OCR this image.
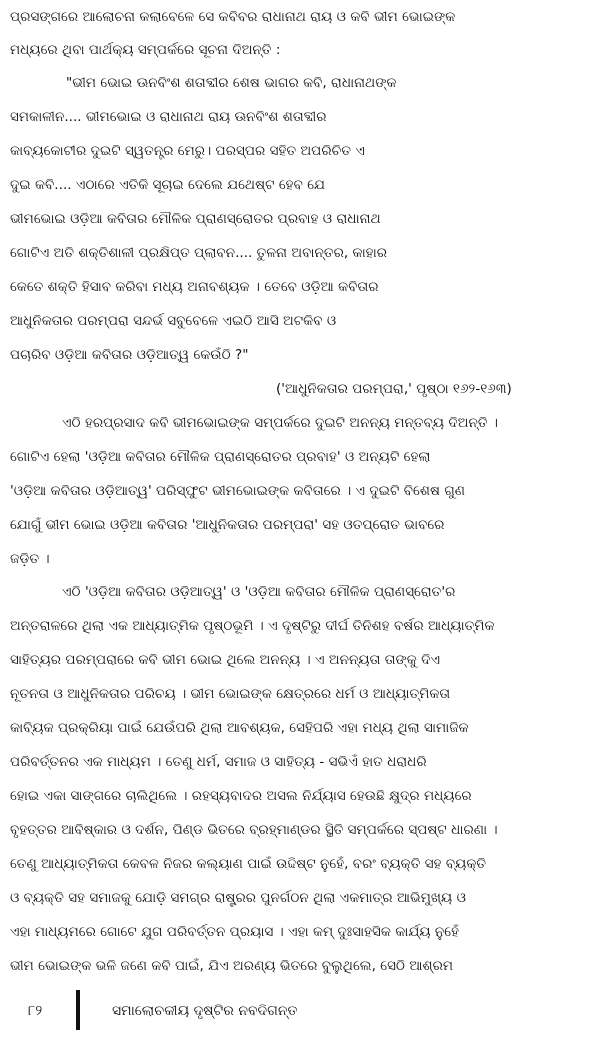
ପ୍ରସଙ୍ଗରେ ଆଲୋଚନା କଲାବେଳେ ସେ କବିବର ରାଧାନାଥ ରାୟ ଓ କବି ଭୀମ ଭୋଇଙ୍କ
ମଧ୍ୟରେ ଥିବା ପାର୍ଥକ୍ୟ ସମ୍ପର୍କରେ ସୂଚନା ଦିଅନ୍ତି :
"ଭୀମ ଭୋଇ ଊନବିଂଶ ଶତାବ୍ଦୀର ଶେଷ ଭାଗର କବି, ରାଧାନାଥଙ୍କ
ସମକାଳୀନ.... ଭୀମଭୋଇ ଓ ରାଧାନାଥ ରାୟ ଊନବିଂଶ ଶତାବ୍ଦୀର
କାବ୍ୟକୋଟୀର ଦୁଇଟି ସ୍ୱତନ୍ତ୍ର ମେରୁ। ପରସ୍ପର ସହିତ ଅପରିଚିତ ଏ
ଦୁଇ କବି.... ଏଠାରେ ଏତିକି ସୂଚାଇ ଦେଲେ ଯଥେଷ୍ଟ ହେବ ଯେ
ଭୀମଭୋଇ ଓଡ଼ିଆ କବିତାର ମୌଳିକ ପ୍ରାଣସ୍ରୋତର ପ୍ରବାହ ଓ ରାଧାନାଥ
ଗୋଟିଏ ଅତି ଶକ୍ତିଶାଳୀ ପ୍ରକ୍ଷିପ୍ତ ପ୍ଲାବନ.... ତୁଳନା ଅବାନ୍ତର, କାହାର
କେତେ ଶକ୍ତି ହିସାବ କରିବା ମଧ୍ୟ ଅନାବଶ୍ୟକ । ତେବେ ଓଡ଼ିଆ କବିତାର
ଆଧୁନିକତାର ପରମ୍ପରା ସନ୍ଦର୍ଭ ସବୁବେଳେ ଏଇଠି ଆସି ଅଟକିବ ଓ
ପଚାରିବ ଓଡ଼ିଆ କବିତାର ଓଡ଼ିଆତ୍ୱ କେଉଁଠି ?"
('ଆଧୁନିକତାର ପରମ୍ପରା,' ପୃଷ୍ଠା ୧୬୨-୧୬୩)
ଏଠି ହରପ୍ରସାଦ କବି ଭୀମଭୋଇଙ୍କ ସମ୍ପର୍କରେ ଦୁଇଟି ଅନନ୍ୟ ମନ୍ତବ୍ୟ ଦିଅନ୍ତି ।
ଗୋଟିଏ ହେଲା 'ଓଡ଼ିଆ କବିତାର ମୌଳିକ ପ୍ରାଣସ୍ରୋତର ପ୍ରବାହ' ଓ ଅନ୍ୟଟି ହେଲା
'ଓଡ଼ିଆ କବିତାର ଓଡ଼ିଆତ୍ୱ' ପରିସ୍ଫୁଟ ଭୀମଭୋଇଙ୍କ କବିତାରେ । ଏ ଦୁଇଟି ବିଶେଷ ଗୁଣ
ଯୋଗୁଁ ଭୀମ ଭୋଇ ଓଡ଼ିଆ କବିତାର 'ଆଧୁନିକତାର ପରମ୍ପରା' ସହ ଓତପ୍ରୋତ ଭାବରେ
ଜଡ଼ିତ ।
ଏଠି 'ଓଡ଼ିଆ କବିତାର ଓଡ଼ିଆତ୍ୱ' ଓ 'ଓଡ଼ିଆ କବିତାର ମୌଳିକ ପ୍ରାଣସ୍ରୋତ'ର
ଅନ୍ତରାଳରେ ଥିଲା ଏକ ଆଧ୍ୟାତ୍ମିକ ପୃଷ୍ଠଭୂମି । ଏ ଦୃଷ୍ଟିରୁ ଦୀର୍ଘ ତିନିଶହ ବର୍ଷର ଆଧ୍ୟାତ୍ମିକ
ସାହିତ୍ୟର ପରମ୍ପରାରେ କବି ଭୀମ ଭୋଇ ଥିଲେ ଅନନ୍ୟ । ଏ ଅନନ୍ୟତା ତାଙ୍କୁ ଦିଏ
ନୂତନତା ଓ ଆଧୁନିକତାର ପରିଚୟ । ଭୀମ ଭୋଇଙ୍କ କ୍ଷେତ୍ରରେ ଧର୍ମ ଓ ଆଧ୍ୟାତ୍ମିକତା
କାବ୍ୟିକ ପ୍ରକ୍ରିୟା ପାଇଁ ଯେଉଁପରି ଥିଲା ଆବଶ୍ୟକ, ସେହିପରି ଏହା ମଧ୍ୟ ଥିଲା ସାମାଜିକ
ପରିବର୍ତ୍ତନର ଏକ ମାଧ୍ୟମ । ତେଣୁ ଧର୍ମ, ସମାଜ ଓ ସାହିତ୍ୟ - ସଭିଏଁ ହାତ ଧରାଧରି
ହୋଇ ଏକା ସାଙ୍ଗରେ ଚାଲିଥିଲେ । ରହସ୍ୟବାଦର ଅସଲ ନିର୍ଯ୍ୟାସ ହେଉଛି କ୍ଷୁଦ୍ର ମଧ୍ୟରେ
ବୃହତ୍ତର ଆବିଷ୍କାର ଓ ଦର୍ଶନ, ପିଣ୍ଡ ଭିତରେ ବ୍ରହ୍ମାଣ୍ଡର ସ୍ଥିତି ସମ୍ପର୍କରେ ସ୍ପଷ୍ଟ ଧାରଣା ।
ତେଣୁ ଆଧ୍ୟାତ୍ମିକତା କେବଳ ନିଜର କଲ୍ୟାଣ ପାଇଁ ଉଦ୍ଦିଷ୍ଟ ନୁହେଁ, ବରଂ ବ୍ୟକ୍ତି ସହ ବ୍ୟକ୍ତି
ଓ ବ୍ୟକ୍ତି ସହ ସମାଜକୁ ଯୋଡ଼ି ସମଗ୍ର ରାଷ୍ଟ୍ରର ପୁନର୍ଗଠନ ଥିଲା ଏକମାତ୍ର ଆଭିମୁଖ୍ୟ ଓ
ଏହା ମାଧ୍ୟମରେ ଗୋଟେ ଯୁଗ ପରିବର୍ତ୍ତନ ପ୍ରୟାସ । ଏହା କମ୍ ଦୁଃସାହସିକ କାର୍ଯ୍ୟ ନୁହେଁ
ଭୀମ ଭୋଇଙ୍କ ଭଳି ଜଣେ କବି ପାଇଁ, ଯିଏ ଅରଣ୍ୟ ଭିତରେ ବୁଲୁଥିଲେ, ସେଠି ଆଶ୍ରମ
୮୨	ସମାଲୋଚକୀୟ ଦୃଷ୍ଟିର ନବଦିଗନ୍ତ
